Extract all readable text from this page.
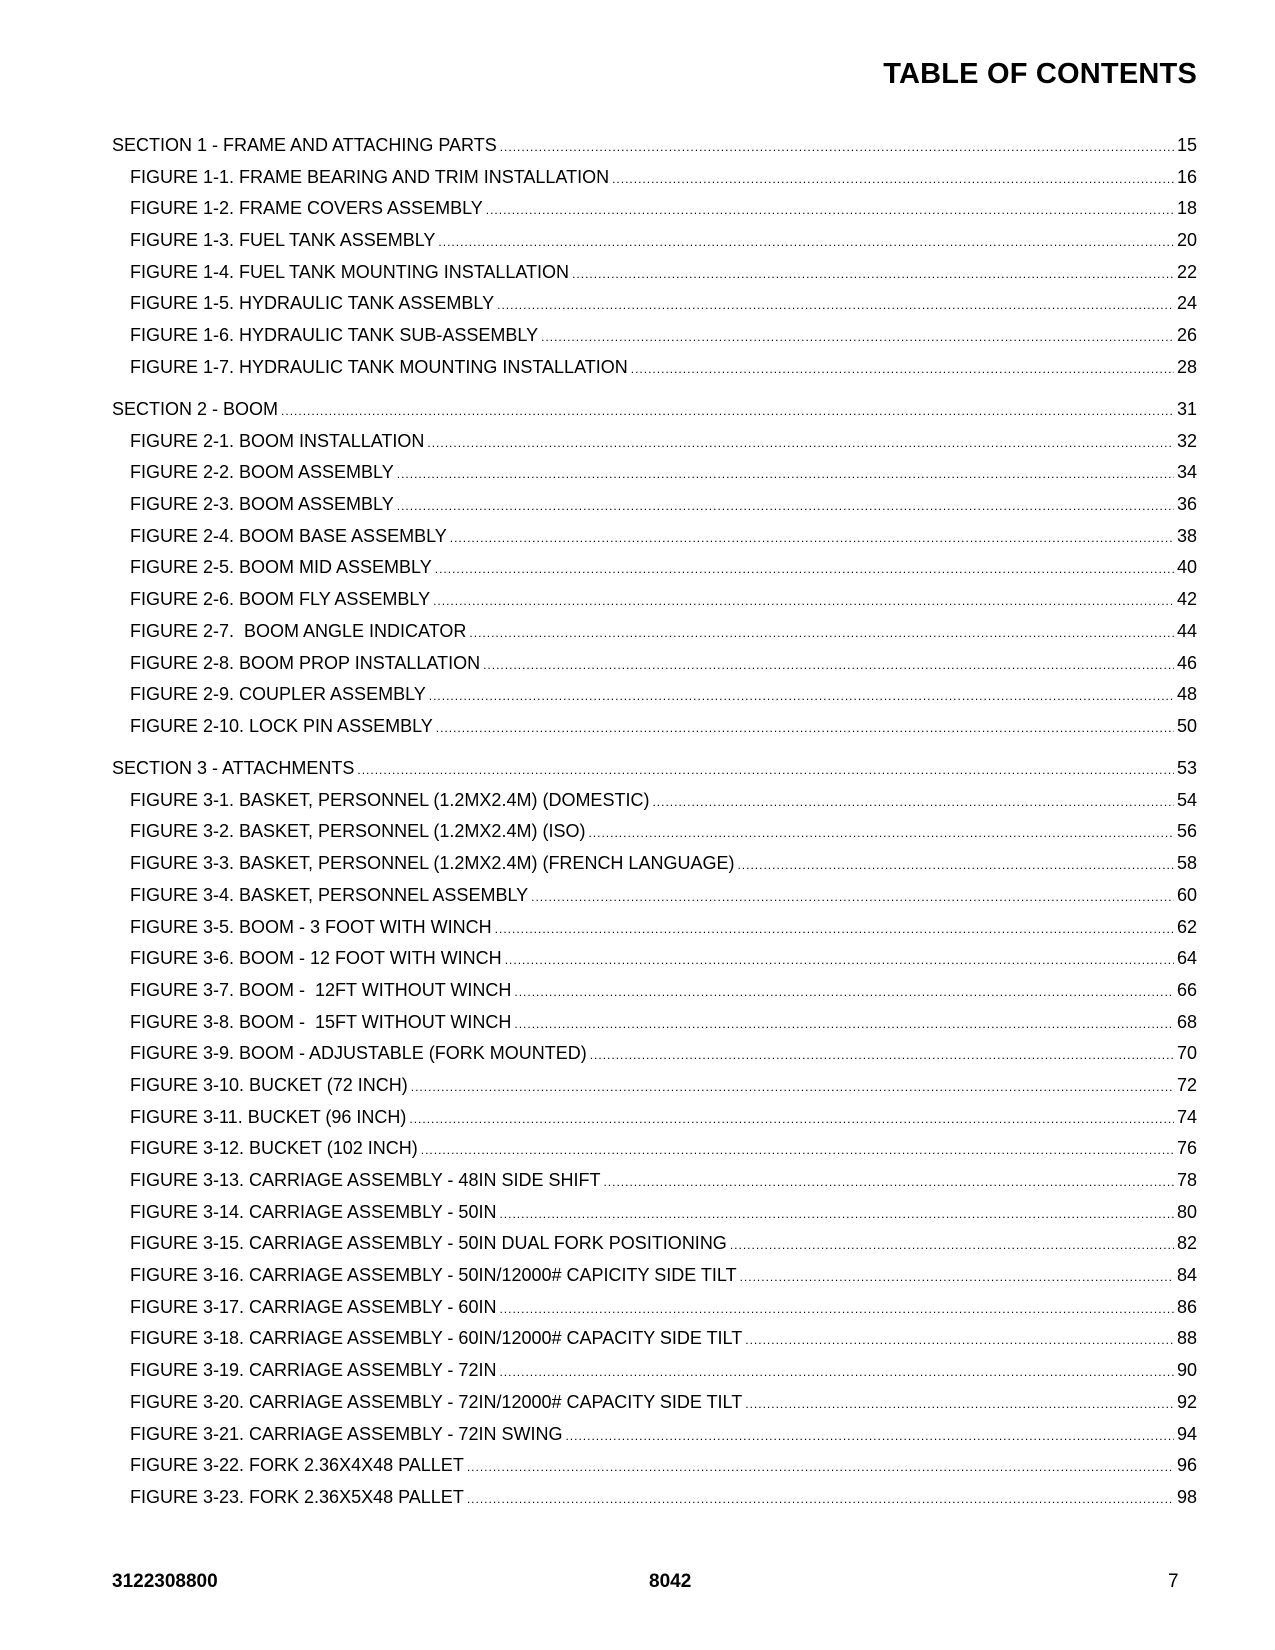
TABLE OF CONTENTS
SECTION 1 - FRAME AND ATTACHING PARTS .....	15
FIGURE 1-1. FRAME BEARING AND TRIM INSTALLATION .....	16
FIGURE 1-2. FRAME COVERS ASSEMBLY .....	18
FIGURE 1-3. FUEL TANK ASSEMBLY .....	20
FIGURE 1-4. FUEL TANK MOUNTING INSTALLATION .....	22
FIGURE 1-5. HYDRAULIC TANK ASSEMBLY .....	24
FIGURE 1-6. HYDRAULIC TANK SUB-ASSEMBLY .....	26
FIGURE 1-7. HYDRAULIC TANK MOUNTING INSTALLATION .....	28
SECTION 2 - BOOM .....	31
FIGURE 2-1. BOOM INSTALLATION .....	32
FIGURE 2-2. BOOM ASSEMBLY .....	34
FIGURE 2-3. BOOM ASSEMBLY .....	36
FIGURE 2-4. BOOM BASE ASSEMBLY .....	38
FIGURE 2-5. BOOM MID ASSEMBLY .....	40
FIGURE 2-6. BOOM FLY ASSEMBLY .....	42
FIGURE 2-7.  BOOM ANGLE INDICATOR .....	44
FIGURE 2-8. BOOM PROP INSTALLATION .....	46
FIGURE 2-9. COUPLER ASSEMBLY .....	48
FIGURE 2-10. LOCK PIN ASSEMBLY .....	50
SECTION 3 - ATTACHMENTS .....	53
FIGURE 3-1. BASKET, PERSONNEL (1.2MX2.4M) (DOMESTIC) .....	54
FIGURE 3-2. BASKET, PERSONNEL (1.2MX2.4M) (ISO) .....	56
FIGURE 3-3. BASKET, PERSONNEL (1.2MX2.4M) (FRENCH LANGUAGE) .....	58
FIGURE 3-4. BASKET, PERSONNEL ASSEMBLY .....	60
FIGURE 3-5. BOOM - 3 FOOT WITH WINCH .....	62
FIGURE 3-6. BOOM - 12 FOOT WITH WINCH .....	64
FIGURE 3-7. BOOM -  12FT WITHOUT WINCH .....	66
FIGURE 3-8. BOOM -  15FT WITHOUT WINCH .....	68
FIGURE 3-9. BOOM - ADJUSTABLE (FORK MOUNTED) .....	70
FIGURE 3-10. BUCKET (72 INCH) .....	72
FIGURE 3-11. BUCKET (96 INCH) .....	74
FIGURE 3-12. BUCKET (102 INCH) .....	76
FIGURE 3-13. CARRIAGE ASSEMBLY - 48IN SIDE SHIFT .....	78
FIGURE 3-14. CARRIAGE ASSEMBLY - 50IN .....	80
FIGURE 3-15. CARRIAGE ASSEMBLY - 50IN DUAL FORK POSITIONING .....	82
FIGURE 3-16. CARRIAGE ASSEMBLY - 50IN/12000# CAPICITY SIDE TILT .....	84
FIGURE 3-17. CARRIAGE ASSEMBLY - 60IN .....	86
FIGURE 3-18. CARRIAGE ASSEMBLY - 60IN/12000# CAPACITY SIDE TILT .....	88
FIGURE 3-19. CARRIAGE ASSEMBLY - 72IN .....	90
FIGURE 3-20. CARRIAGE ASSEMBLY - 72IN/12000# CAPACITY SIDE TILT .....	92
FIGURE 3-21. CARRIAGE ASSEMBLY - 72IN SWING .....	94
FIGURE 3-22. FORK 2.36X4X48 PALLET .....	96
FIGURE 3-23. FORK 2.36X5X48 PALLET .....	98
3122308800	8042	7
